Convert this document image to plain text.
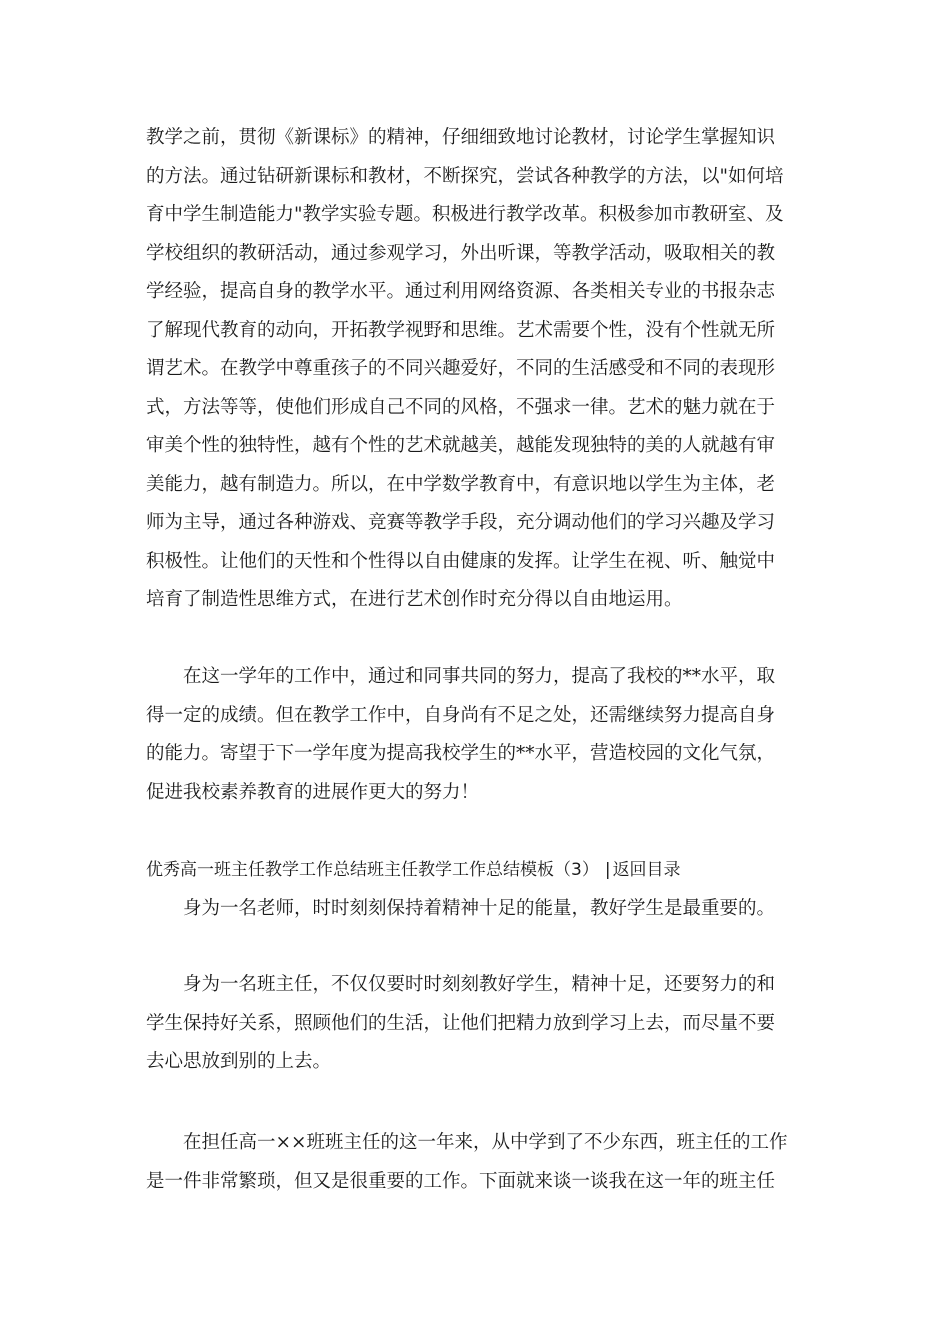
教学之前，贯彻《新课标》的精神，仔细细致地讨论教材，讨论学生掌握知识
的方法。通过钻研新课标和教材，不断探究，尝试各种教学的方法，以"如何培
育中学生制造能力"教学实验专题。积极进行教学改革。积极参加市教研室、及
学校组织的教研活动，通过参观学习，外出听课，等教学活动，吸取相关的教
学经验，提高自身的教学水平。通过利用网络资源、各类相关专业的书报杂志
了解现代教育的动向，开拓教学视野和思维。艺术需要个性，没有个性就无所
谓艺术。在教学中尊重孩子的不同兴趣爱好，不同的生活感受和不同的表现形
式，方法等等，使他们形成自己不同的风格，不强求一律。艺术的魅力就在于
审美个性的独特性，越有个性的艺术就越美，越能发现独特的美的人就越有审
美能力，越有制造力。所以，在中学数学教育中，有意识地以学生为主体，老
师为主导，通过各种游戏、竞赛等教学手段，充分调动他们的学习兴趣及学习
积极性。让他们的天性和个性得以自由健康的发挥。让学生在视、听、触觉中
培育了制造性思维方式，在进行艺术创作时充分得以自由地运用。
在这一学年的工作中，通过和同事共同的努力，提高了我校的**水平，取
得一定的成绩。但在教学工作中，自身尚有不足之处，还需继续努力提高自身
的能力。寄望于下一学年度为提高我校学生的**水平，营造校园的文化气氛，
促进我校素养教育的进展作更大的努力！
优秀高一班主任教学工作总结班主任教学工作总结模板（3） | 返回目录
身为一名老师，时时刻刻保持着精神十足的能量，教好学生是最重要的。
身为一名班主任，不仅仅要时时刻刻教好学生，精神十足，还要努力的和
学生保持好关系，照顾他们的生活，让他们把精力放到学习上去，而尽量不要
去心思放到别的上去。
在担任高一××班班主任的这一年来，从中学到了不少东西，班主任的工作
是一件非常繁琐，但又是很重要的工作。下面就来谈一谈我在这一年的班主任
